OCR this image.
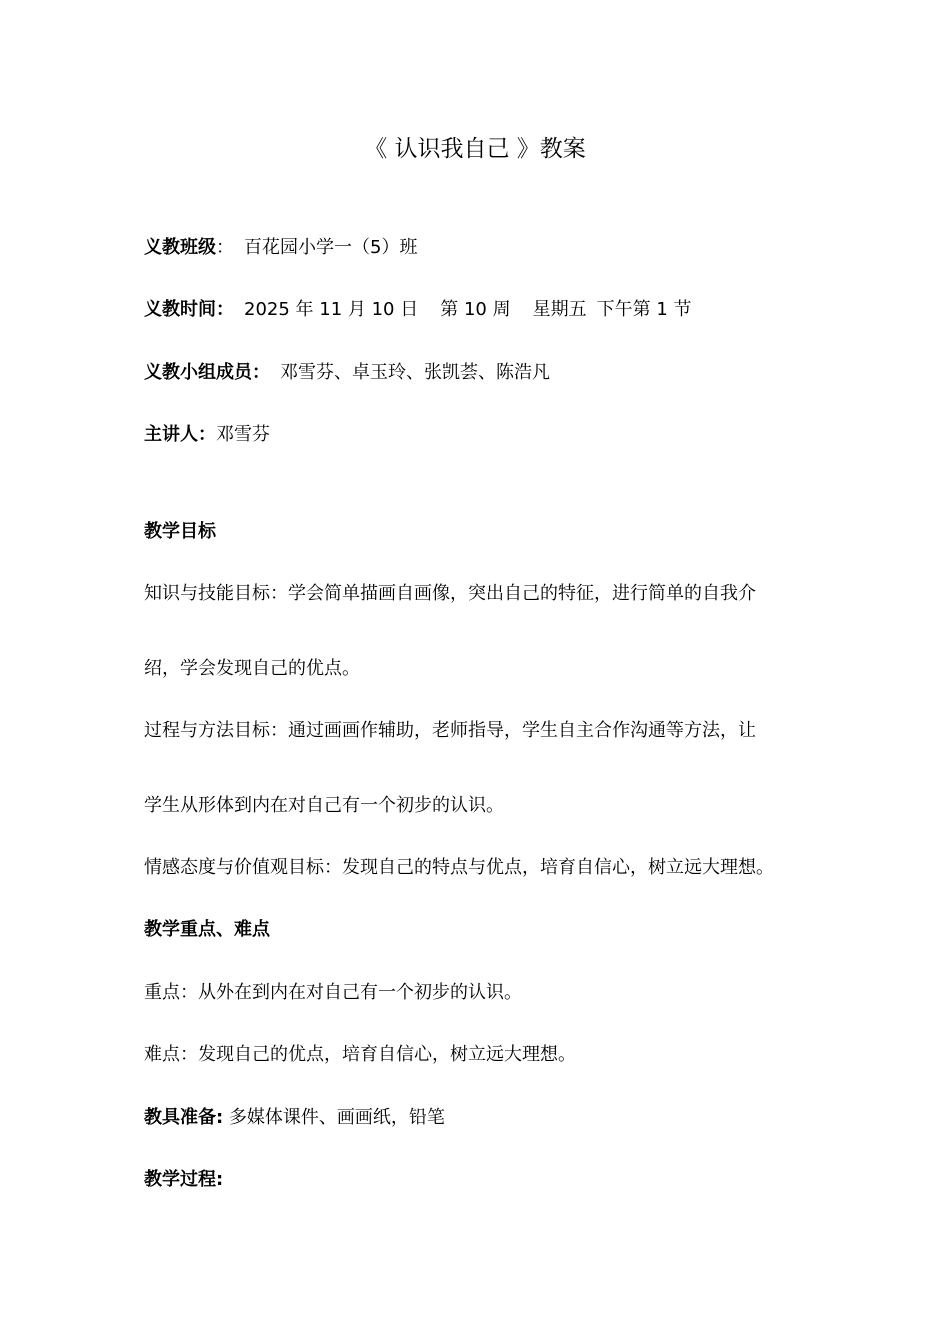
《 认识我自己 》教案
义教班级： 百花园小学一（5）班
义教时间： 2025 年 11 月 10 日 第 10 周 星期五 下午第 1 节
义教小组成员： 邓雪芬、卓玉玲、张凯荟、陈浩凡
主讲人：邓雪芬
教学目标
知识与技能目标：学会简单描画自画像，突出自己的特征，进行简单的自我介
绍，学会发现自己的优点。
过程与方法目标：通过画画作辅助，老师指导，学生自主合作沟通等方法，让
学生从形体到内在对自己有一个初步的认识。
情感态度与价值观目标：发现自己的特点与优点，培育自信心，树立远大理想。
教学重点、难点
重点：从外在到内在对自己有一个初步的认识。
难点：发现自己的优点，培育自信心，树立远大理想。
教具准备: 多媒体课件、画画纸，铅笔
教学过程:
